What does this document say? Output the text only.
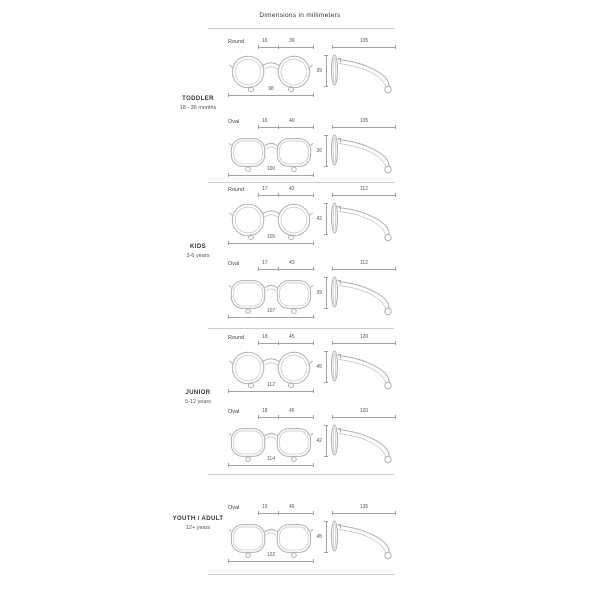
Dimensions in millimeters
TODDLER
18 - 36 months
KIDS
3-6 years
JUNIOR
5-12 years
YOUTH / ADULT
12+ years
Round	16	39
98
39
105
Oval	16	40
100
36
105
Round	17	42
105
42
112
Oval	17	43
107
39
112
Round	18	45
112
45
120
Oval	18	46
114
42
120
Oval	19	49
122
45
135
